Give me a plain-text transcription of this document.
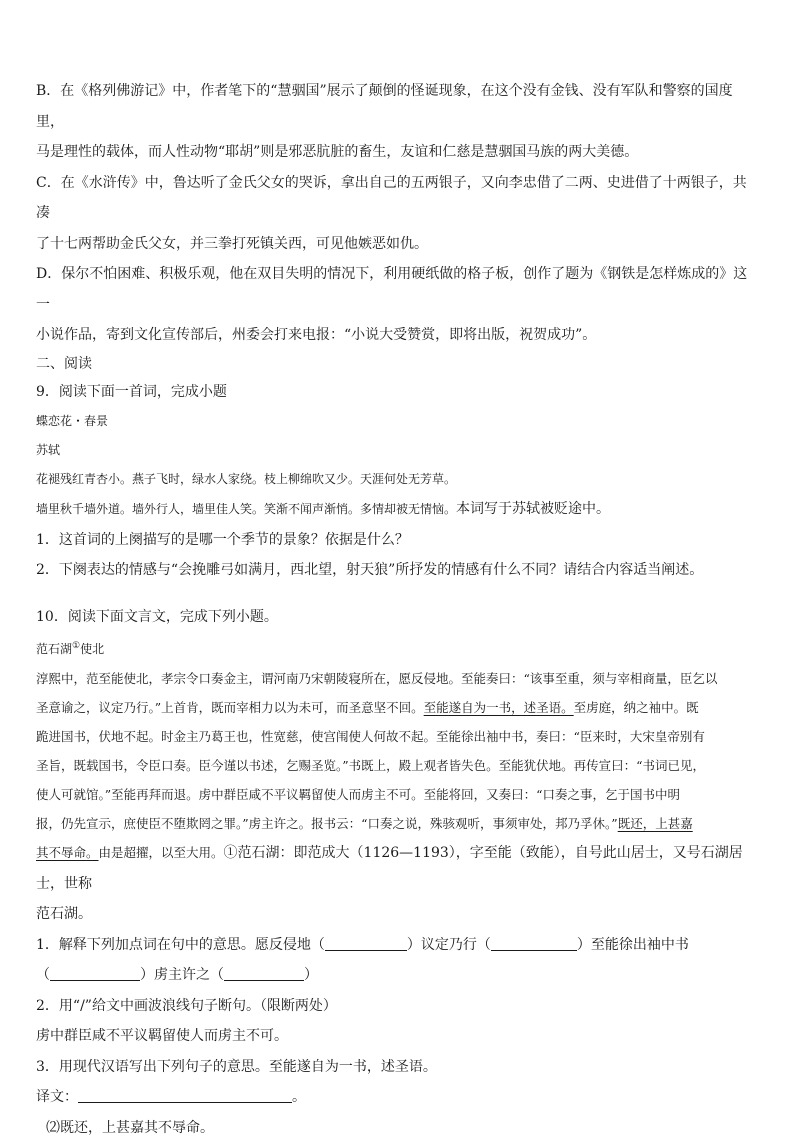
B．在《格列佛游记》中，作者笔下的“慧骃国”展示了颠倒的怪诞现象，在这个没有金钱、没有军队和警察的国度里，

马是理性的载体，而人性动物“耶胡”则是邪恶肮脏的畜生，友谊和仁慈是慧骃国马族的两大美德。

C．在《水浒传》中，鲁达听了金氏父女的哭诉，拿出自己的五两银子，又向李忠借了二两、史进借了十两银子，共凑

了十七两帮助金氏父女，并三拳打死镇关西，可见他嫉恶如仇。

D．保尔不怕困难、积极乐观，他在双目失明的情况下，利用硬纸做的格子板，创作了题为《钢铁是怎样炼成的》这一

小说作品，寄到文化宣传部后，州委会打来电报：“小说大受赞赏，即将出版，祝贺成功”。

二、阅读

9．阅读下面一首词，完成小题

蝶恋花・春景

苏轼

花褪残红青杏小。燕子飞时，绿水人家绕。枝上柳绵吹又少。天涯何处无芳草。

墙里秋千墙外道。墙外行人，墙里佳人笑。笑渐不闻声渐悄。多情却被无情恼。本词写于苏轼被贬途中。

1．这首词的上阕描写的是哪一个季节的景象？依据是什么？

2．下阕表达的情感与“会挽雕弓如满月，西北望，射天狼”所抒发的情感有什么不同？请结合内容适当阐述。

10．阅读下面文言文，完成下列小题。

范石湖①使北

淳熙中，范至能使北，孝宗令口奏金主，谓河南乃宋朝陵寝所在，愿反侵地。至能奏曰：“该事至重，须与宰相商量，臣乞以

圣意谕之，议定乃行。”上首肯，既而宰相力以为未可，而圣意坚不回。至能遂自为一书，述圣语。至虏庭，纳之袖中。既

跪进国书，伏地不起。时金主乃葛王也，性宽慈，使宫闱使人何故不起。至能徐出袖中书，奏曰：“臣来时，大宋皇帝别有

圣旨，既载国书，令臣口奏。臣今谨以书述，乞赐圣览。”书既上，殿上观者皆失色。至能犹伏地。再传宣曰：“书词已见，

使人可就馆。”至能再拜而退。虏中群臣咸不平议羁留使人而虏主不可。至能将回，又奏曰：“口奏之事，乞于国书中明

报，仍先宣示，庶使臣不堕欺罔之罪。”虏主许之。报书云：“口奏之说，殊骇观听，事须审处，邦乃孚休。”既还，上甚嘉

其不辱命。由是超擢，以至大用。①范石湖：即范成大（1126—1193），字至能（致能），自号此山居士，又号石湖居士，世称

范石湖。

1．解释下列加点词在句中的意思。愿反侵地（	）议定乃行（	）至能徐出袖中书

（	）虏主许之（	）

2．用“/”给文中画波浪线句子断句。（限断两处）

虏中群臣咸不平议羁留使人而虏主不可。

3．用现代汉语写出下列句子的意思。至能遂自为一书，述圣语。

译文：	。

⑵既还，上甚嘉其不辱命。
